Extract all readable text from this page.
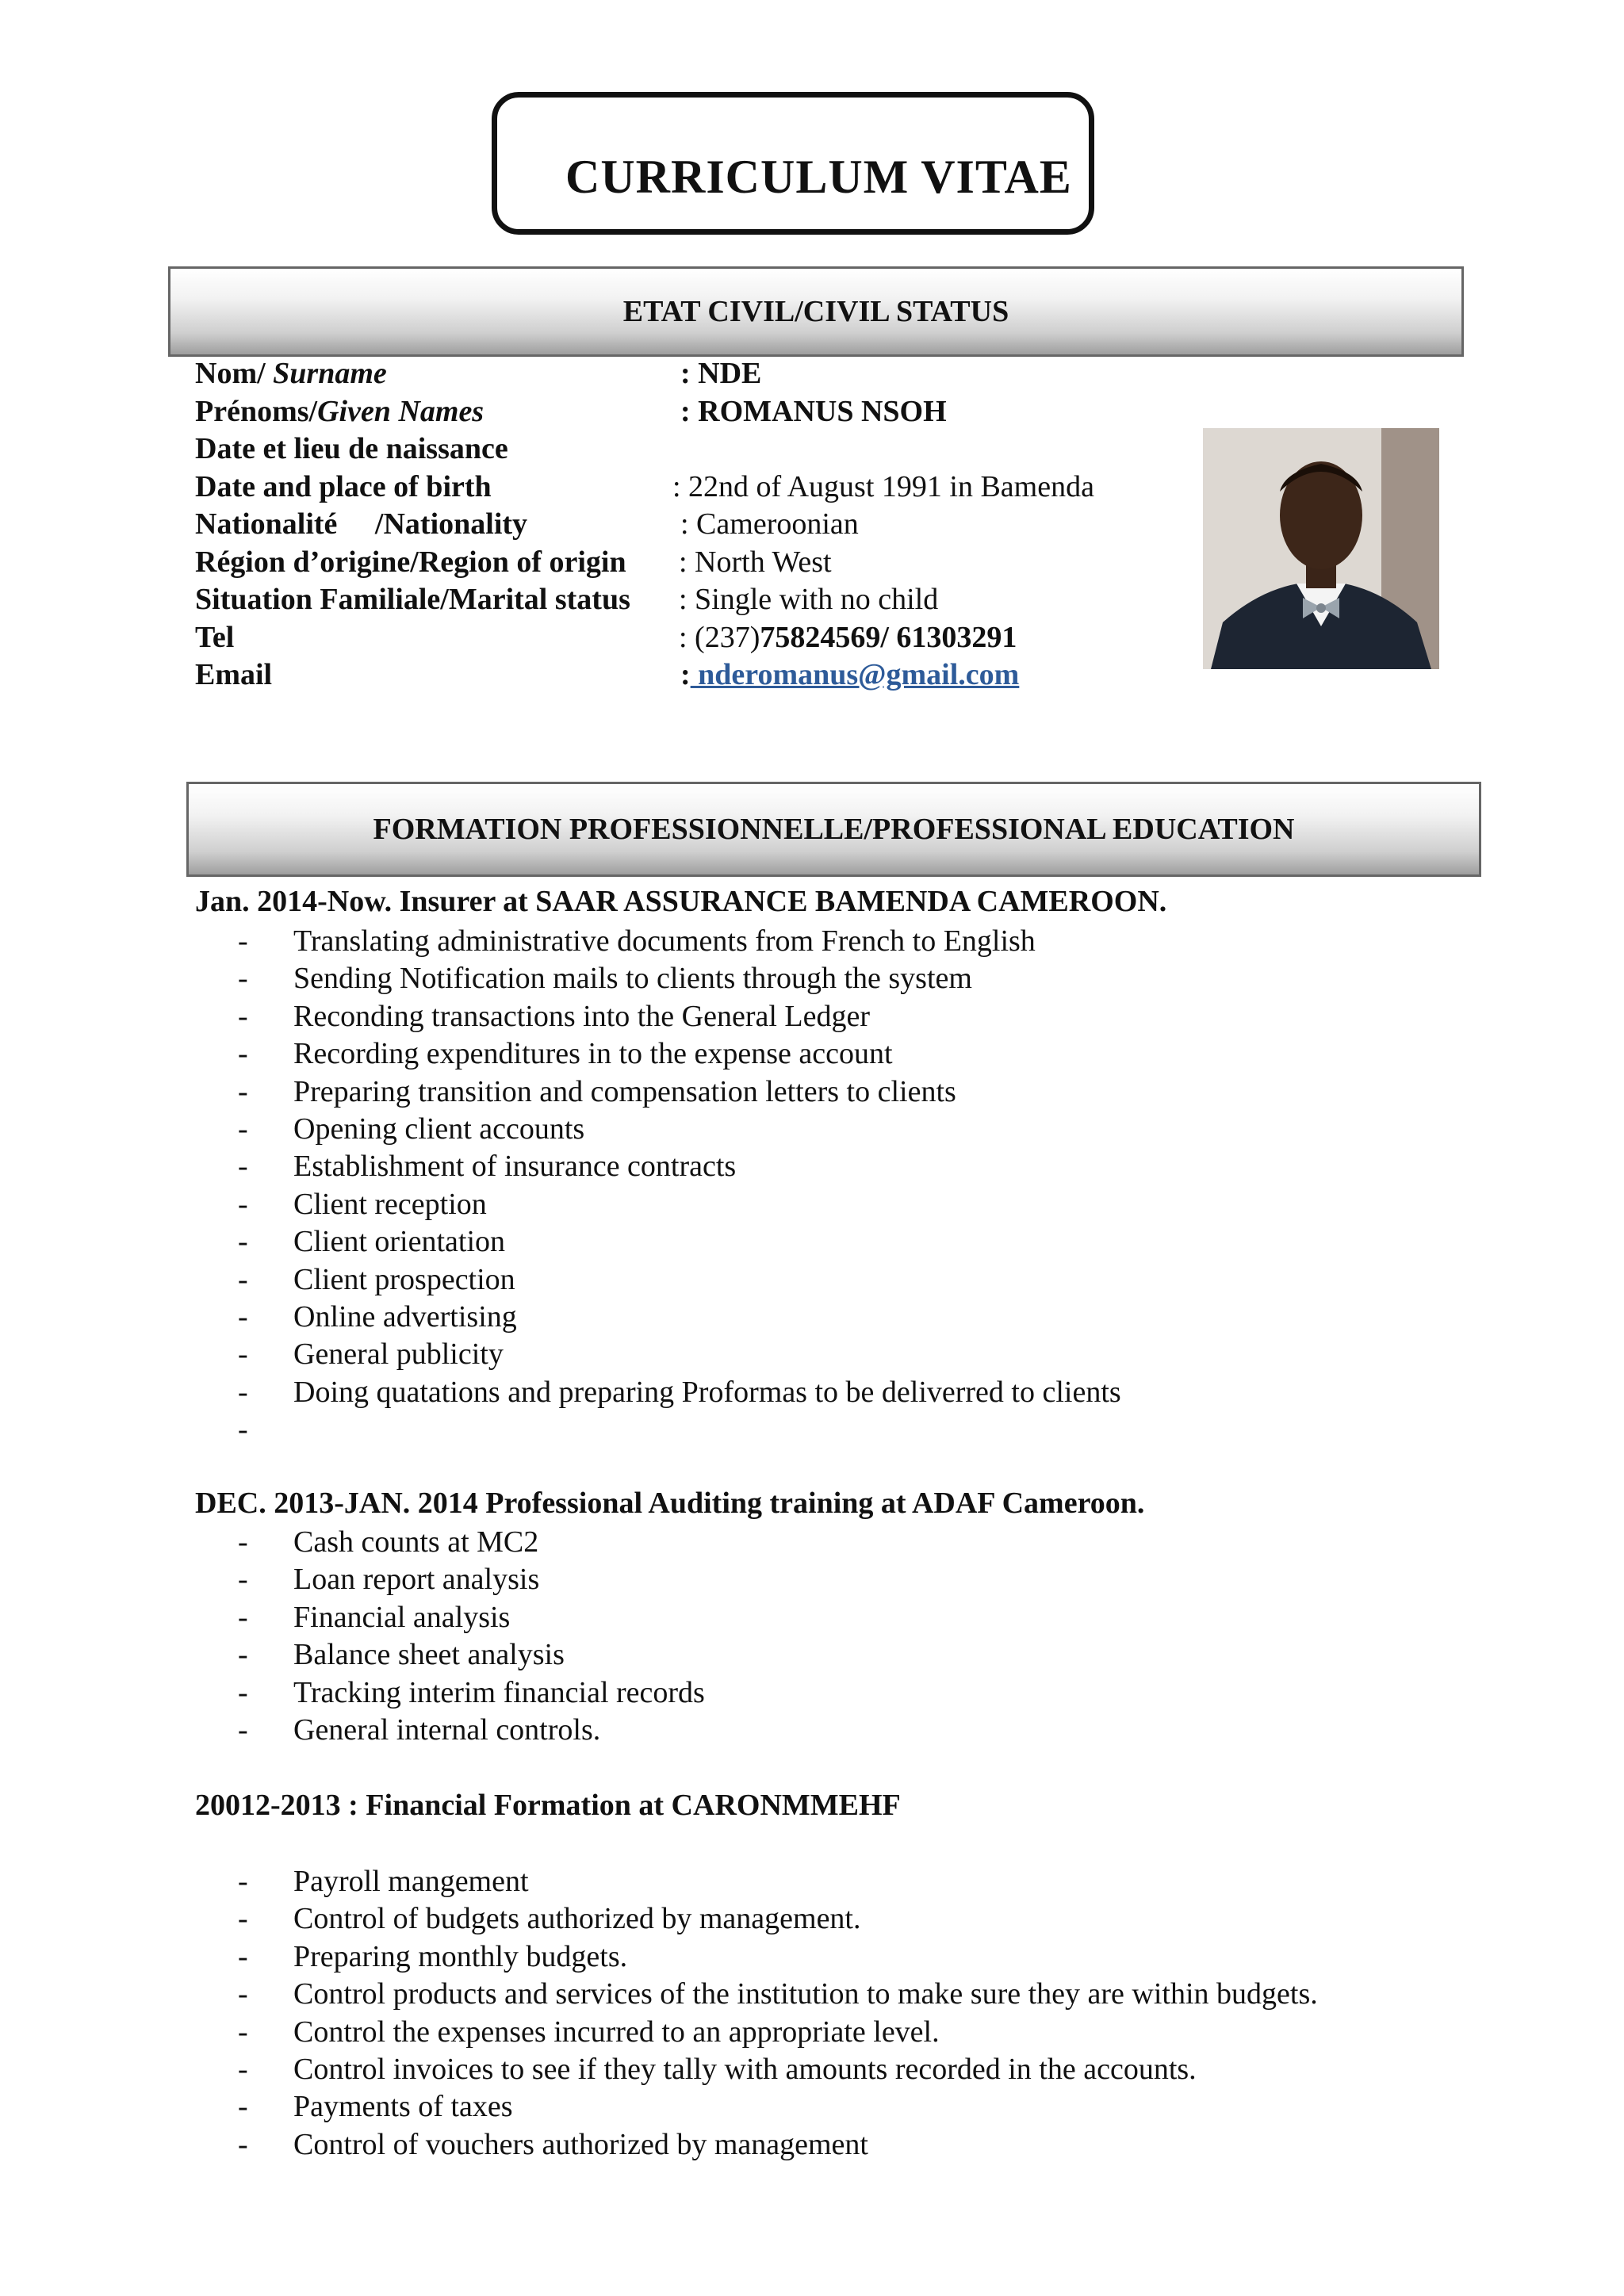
CURRICULUM VITAE
ETAT CIVIL/CIVIL STATUS
Nom/ Surname	: NDE
Prénoms/Given Names	: ROMANUS NSOH
Date et lieu de naissance
Date and place of birth	: 22nd of August 1991 in Bamenda
Nationalité     /Nationality	: Cameroonian
Région d’origine/Region of origin : North West
Situation Familiale/Marital status : Single with no child
Tel	: (237)75824569/ 61303291
Email	: nderomanus@gmail.com
FORMATION PROFESSIONNELLE/PROFESSIONAL EDUCATION
Jan. 2014-Now. Insurer at SAAR ASSURANCE BAMENDA CAMEROON.
- Translating administrative documents from French to English
- Sending Notification mails to clients through the system
- Reconding transactions into the General Ledger
- Recording expenditures in to the expense account
- Preparing transition and compensation letters to clients
- Opening client accounts
- Establishment of insurance contracts
- Client reception
- Client orientation
- Client prospection
- Online advertising
- General publicity
- Doing quatations and preparing Proformas to be deliverred to clients
-
DEC. 2013-JAN. 2014 Professional Auditing training at ADAF Cameroon.
- Cash counts at MC2
- Loan report analysis
- Financial analysis
- Balance sheet analysis
- Tracking interim financial records
- General internal controls.
20012-2013 : Financial Formation at CARONMMEHF
- Payroll mangement
- Control of budgets authorized by management.
- Preparing monthly budgets.
- Control products and services of the institution to make sure they are within budgets.
- Control the expenses incurred to an appropriate level.
- Control invoices to see if they tally with amounts recorded in the accounts.
- Payments of taxes
- Control of vouchers authorized by management
